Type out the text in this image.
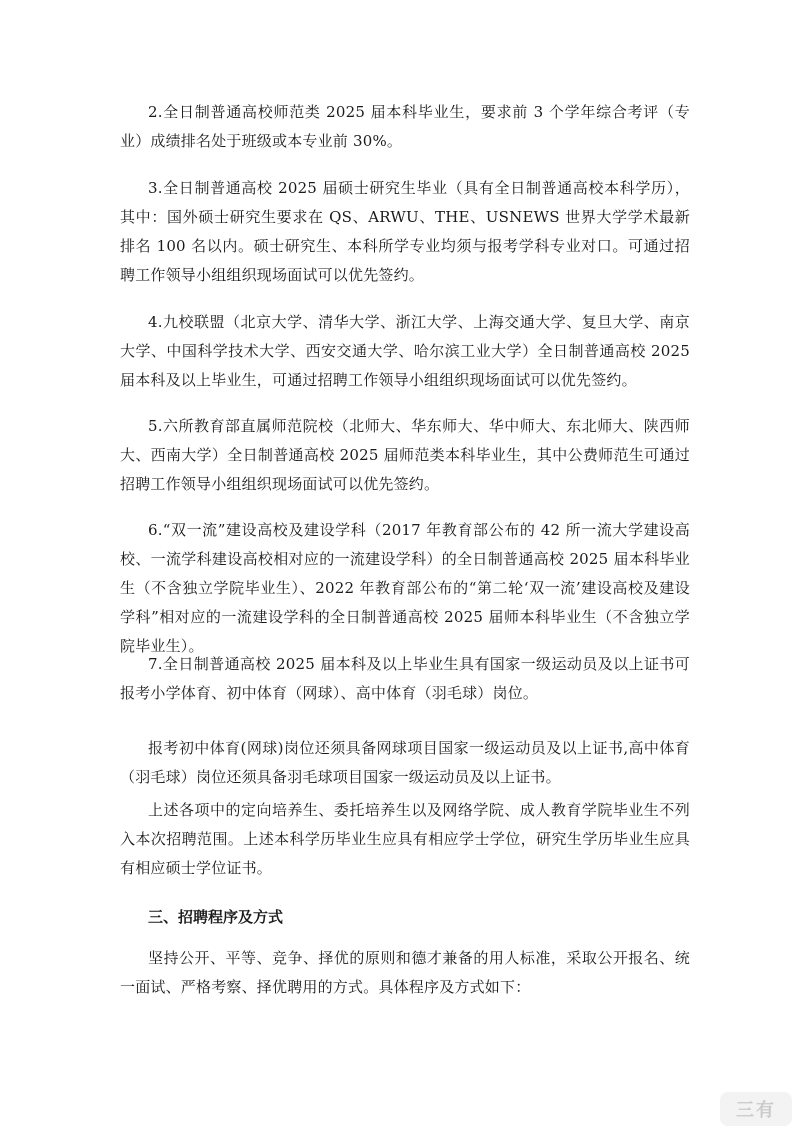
2.全日制普通高校师范类 2025 届本科毕业生，要求前 3 个学年综合考评（专业）成绩排名处于班级或本专业前 30%。

3.全日制普通高校 2025 届硕士研究生毕业（具有全日制普通高校本科学历），其中：国外硕士研究生要求在 QS、ARWU、THE、USNEWS 世界大学学术最新排名 100 名以内。硕士研究生、本科所学专业均须与报考学科专业对口。可通过招聘工作领导小组组织现场面试可以优先签约。

4.九校联盟（北京大学、清华大学、浙江大学、上海交通大学、复旦大学、南京大学、中国科学技术大学、西安交通大学、哈尔滨工业大学）全日制普通高校 2025 届本科及以上毕业生，可通过招聘工作领导小组组织现场面试可以优先签约。

5.六所教育部直属师范院校（北师大、华东师大、华中师大、东北师大、陕西师大、西南大学）全日制普通高校 2025 届师范类本科毕业生，其中公费师范生可通过招聘工作领导小组组织现场面试可以优先签约。

6.“双一流”建设高校及建设学科（2017 年教育部公布的 42 所一流大学建设高校、一流学科建设高校相对应的一流建设学科）的全日制普通高校 2025 届本科毕业生（不含独立学院毕业生）、2022 年教育部公布的“第二轮‘双一流’建设高校及建设学科”相对应的一流建设学科的全日制普通高校 2025 届师本科毕业生（不含独立学院毕业生）。

7.全日制普通高校 2025 届本科及以上毕业生具有国家一级运动员及以上证书可报考小学体育、初中体育（网球）、高中体育（羽毛球）岗位。

报考初中体育(网球)岗位还须具备网球项目国家一级运动员及以上证书,高中体育（羽毛球）岗位还须具备羽毛球项目国家一级运动员及以上证书。

上述各项中的定向培养生、委托培养生以及网络学院、成人教育学院毕业生不列入本次招聘范围。上述本科学历毕业生应具有相应学士学位，研究生学历毕业生应具有相应硕士学位证书。

三、招聘程序及方式

坚持公开、平等、竞争、择优的原则和德才兼备的用人标准，采取公开报名、统一面试、严格考察、择优聘用的方式。具体程序及方式如下：

三有
